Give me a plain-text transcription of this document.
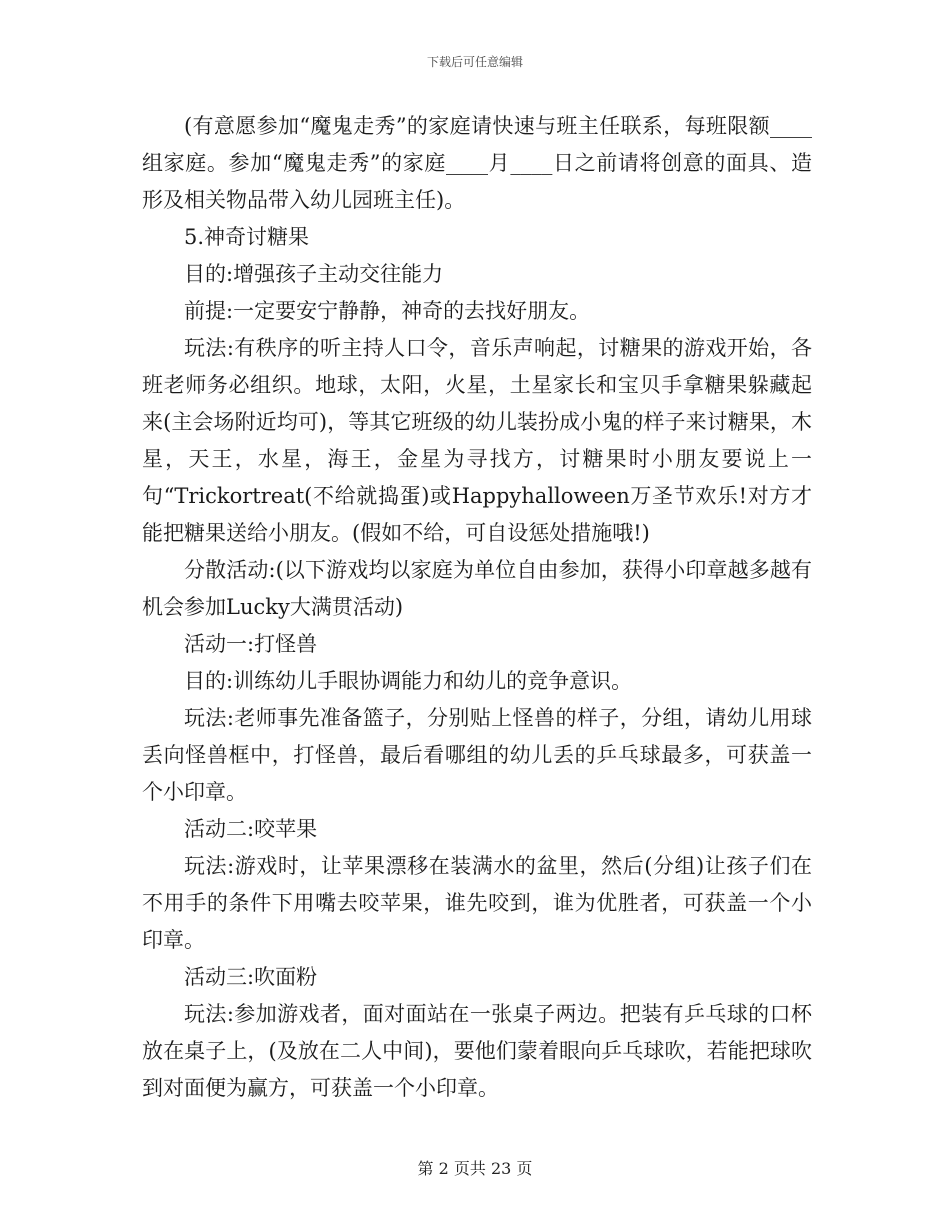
下载后可任意编辑

(有意愿参加“魔鬼走秀”的家庭请快速与班主任联系，每班限额____组家庭。参加“魔鬼走秀”的家庭____月____日之前请将创意的面具、造形及相关物品带入幼儿园班主任)。

5.神奇讨糖果

目的:增强孩子主动交往能力

前提:一定要安宁静静，神奇的去找好朋友。

玩法:有秩序的听主持人口令，音乐声响起，讨糖果的游戏开始，各班老师务必组织。地球，太阳，火星，土星家长和宝贝手拿糖果躲藏起来(主会场附近均可)，等其它班级的幼儿装扮成小鬼的样子来讨糖果，木星，天王，水星，海王，金星为寻找方，讨糖果时小朋友要说上一句“Trickortreat(不给就捣蛋)或Happyhalloween万圣节欢乐!对方才能把糖果送给小朋友。(假如不给，可自设惩处措施哦!)

分散活动:(以下游戏均以家庭为单位自由参加，获得小印章越多越有机会参加Lucky大满贯活动)

活动一:打怪兽

目的:训练幼儿手眼协调能力和幼儿的竞争意识。

玩法:老师事先准备篮子，分别贴上怪兽的样子，分组，请幼儿用球丢向怪兽框中，打怪兽，最后看哪组的幼儿丢的乒乓球最多，可获盖一个小印章。

活动二:咬苹果

玩法:游戏时，让苹果漂移在装满水的盆里，然后(分组)让孩子们在不用手的条件下用嘴去咬苹果，谁先咬到，谁为优胜者，可获盖一个小印章。

活动三:吹面粉

玩法:参加游戏者，面对面站在一张桌子两边。把装有乒乓球的口杯放在桌子上，(及放在二人中间)，要他们蒙着眼向乒乓球吹，若能把球吹到对面便为赢方，可获盖一个小印章。

第 2 页共 23 页
